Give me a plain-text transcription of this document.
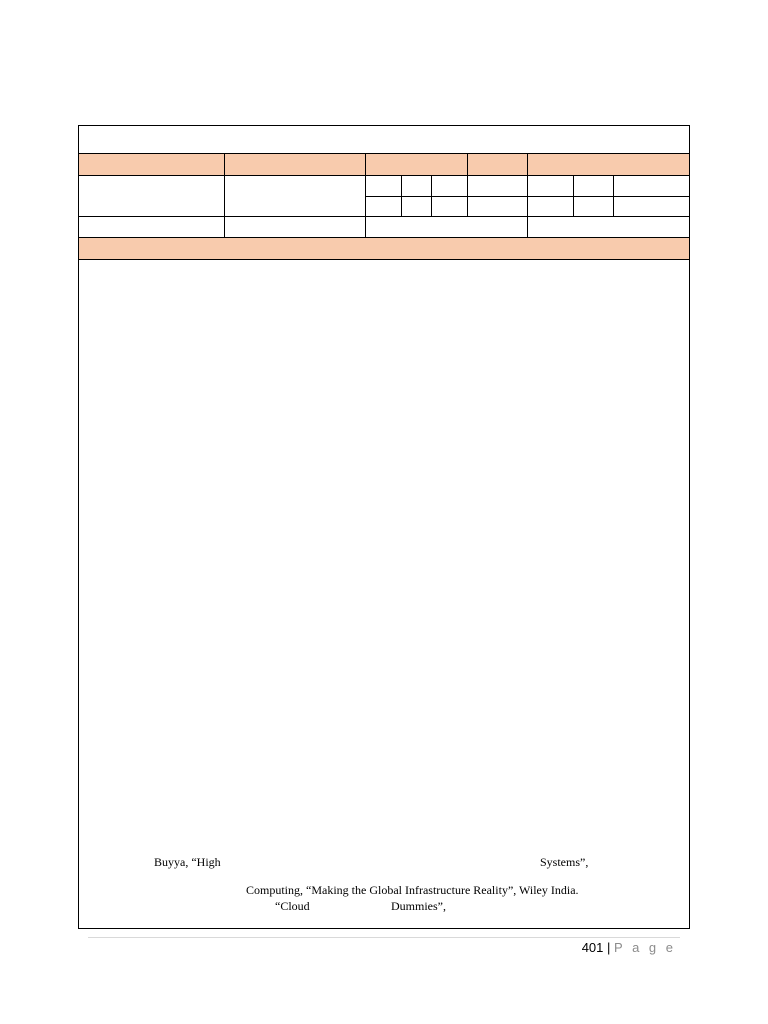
Buyya, “High	Systems”,
Computing, “Making the Global Infrastructure Reality”, Wiley India.
“Cloud	Dummies”,
401 | P a g e
